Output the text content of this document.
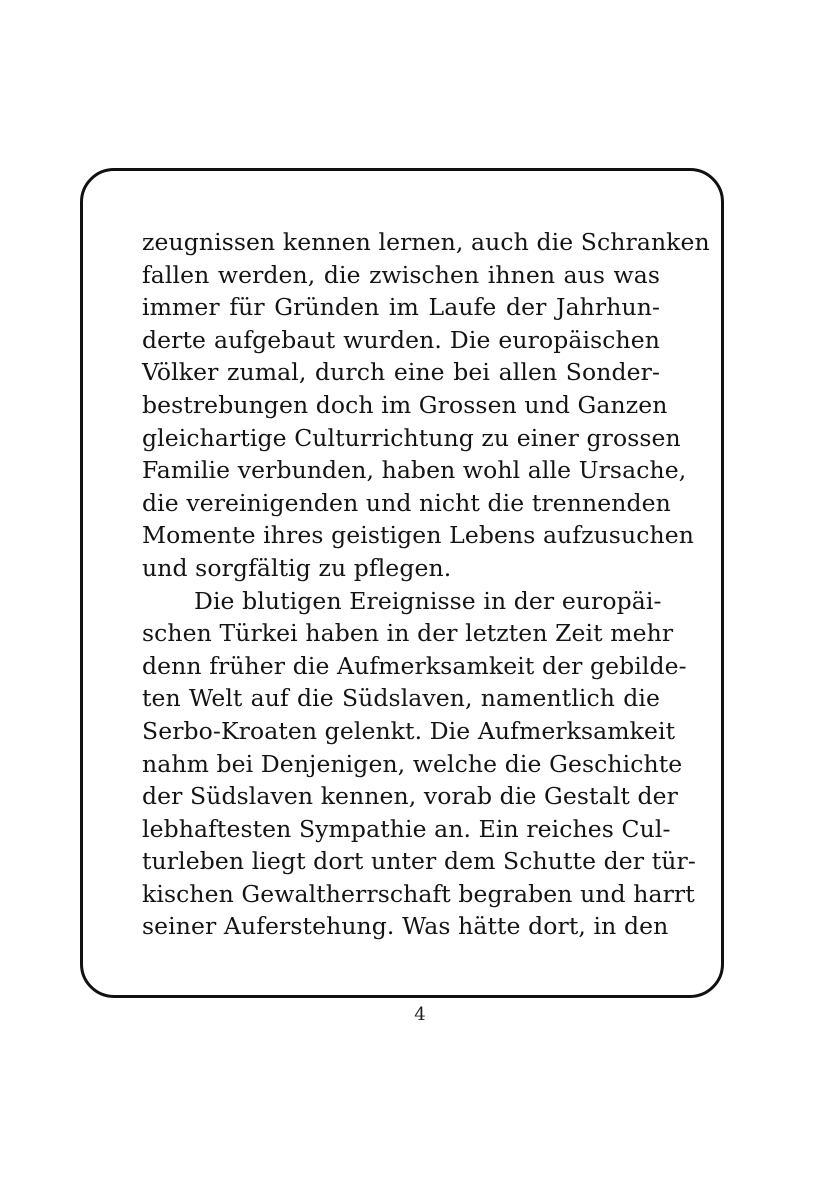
zeugnissen kennen lernen, auch die Schranken
fallen werden, die zwischen ihnen aus was
immer für Gründen im Laufe der Jahrhun-
derte aufgebaut wurden. Die europäischen
Völker zumal, durch eine bei allen Sonder-
bestrebungen doch im Grossen und Ganzen
gleichartige Culturrichtung zu einer grossen
Familie verbunden, haben wohl alle Ursache,
die vereinigenden und nicht die trennenden
Momente ihres geistigen Lebens aufzusuchen
und sorgfältig zu pflegen.
Die blutigen Ereignisse in der europäi-
schen Türkei haben in der letzten Zeit mehr
denn früher die Aufmerksamkeit der gebilde-
ten Welt auf die Südslaven, namentlich die
Serbo-Kroaten gelenkt. Die Aufmerksamkeit
nahm bei Denjenigen, welche die Geschichte
der Südslaven kennen, vorab die Gestalt der
lebhaftesten Sympathie an. Ein reiches Cul-
turleben liegt dort unter dem Schutte der tür-
kischen Gewaltherrschaft begraben und harrt
seiner Auferstehung. Was hätte dort, in den
4
